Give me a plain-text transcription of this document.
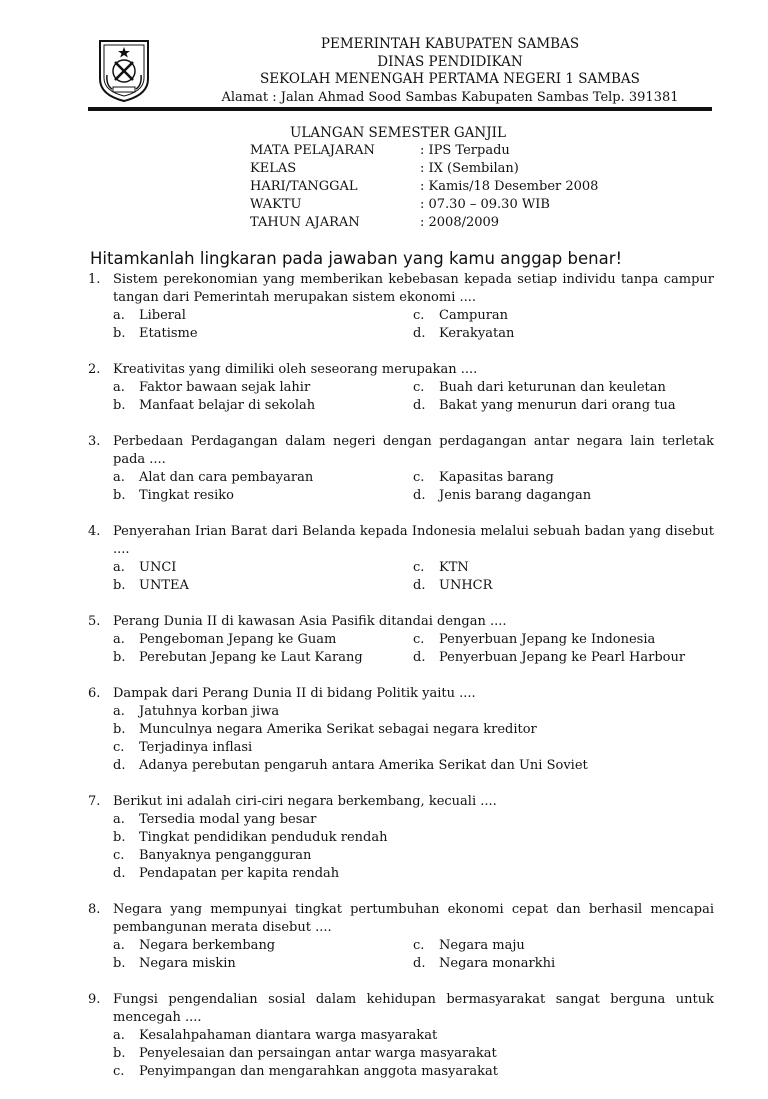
PEMERINTAH KABUPATEN SAMBAS
DINAS PENDIDIKAN
SEKOLAH MENENGAH PERTAMA NEGERI 1 SAMBAS
Alamat : Jalan Ahmad Sood Sambas Kabupaten Sambas Telp. 391381
ULANGAN SEMESTER GANJIL
MATA PELAJARAN	: IPS Terpadu
KELAS	: IX (Sembilan)
HARI/TANGGAL	: Kamis/18 Desember 2008
WAKTU	: 07.30 – 09.30 WIB
TAHUN AJARAN	: 2008/2009
Hitamkanlah lingkaran pada jawaban yang kamu anggap benar!
1. Sistem perekonomian yang memberikan kebebasan kepada setiap individu tanpa campur tangan dari Pemerintah merupakan sistem ekonomi ....
a.	Liberal	c.	Campuran
b.	Etatisme	d.	Kerakyatan
2. Kreativitas yang dimiliki oleh seseorang merupakan ....
a.	Faktor bawaan sejak lahir	c.	Buah dari keturunan dan keuletan
b.	Manfaat belajar di sekolah	d.	Bakat yang menurun dari orang tua
3. Perbedaan Perdagangan dalam negeri dengan perdagangan antar negara lain terletak pada ....
a.	Alat dan cara pembayaran	c.	Kapasitas barang
b.	Tingkat resiko	d.	Jenis barang dagangan
4. Penyerahan Irian Barat dari Belanda kepada Indonesia melalui sebuah badan yang disebut ....
a.	UNCI	c.	KTN
b.	UNTEA	d.	UNHCR
5. Perang Dunia II di kawasan Asia Pasifik ditandai dengan ....
a.	Pengeboman Jepang ke Guam	c.	Penyerbuan Jepang ke Indonesia
b.	Perebutan Jepang ke Laut Karang	d.	Penyerbuan Jepang ke Pearl Harbour
6. Dampak dari Perang Dunia II di bidang Politik yaitu ....
a.	Jatuhnya korban jiwa
b.	Munculnya negara Amerika Serikat sebagai negara kreditor
c.	Terjadinya inflasi
d.	Adanya perebutan pengaruh antara Amerika Serikat dan Uni Soviet
7. Berikut ini adalah ciri-ciri negara berkembang, kecuali ....
a.	Tersedia modal yang besar
b.	Tingkat pendidikan penduduk rendah
c.	Banyaknya pengangguran
d.	Pendapatan per kapita rendah
8. Negara yang mempunyai tingkat pertumbuhan ekonomi cepat dan berhasil mencapai pembangunan merata disebut ....
a.	Negara berkembang	c.	Negara maju
b.	Negara miskin	d.	Negara monarkhi
9. Fungsi pengendalian sosial dalam kehidupan bermasyarakat sangat berguna untuk mencegah ....
a.	Kesalahpahaman diantara warga masyarakat
b.	Penyelesaian dan persaingan antar warga masyarakat
c.	Penyimpangan dan mengarahkan anggota masyarakat
